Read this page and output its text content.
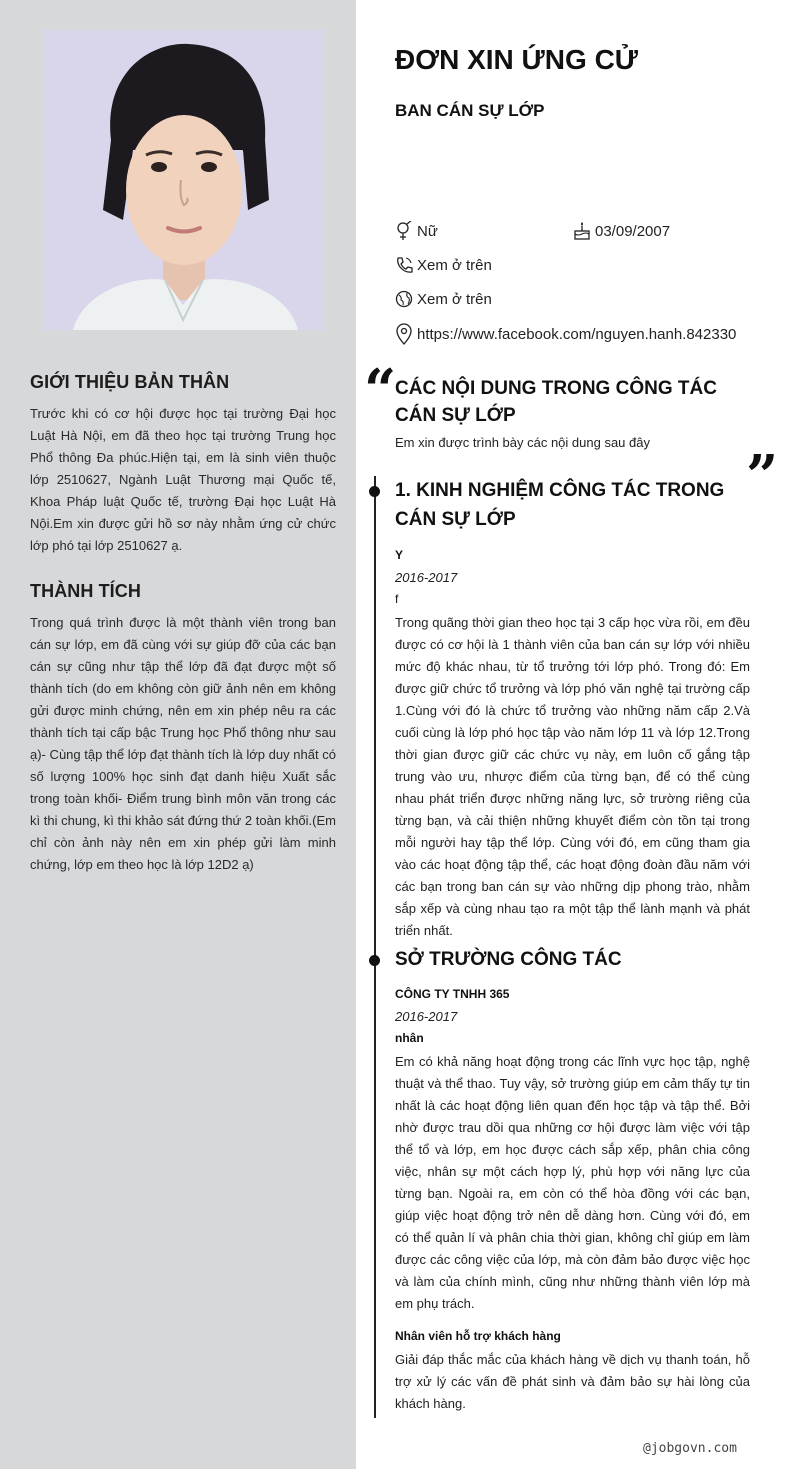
GIỚI THIỆU BẢN THÂN

Trước khi có cơ hội được học tại trường Đại học Luật Hà Nội, em đã theo học tại trường Trung học Phổ thông Đa phúc.Hiện tại, em là sinh viên thuộc lớp 2510627, Ngành Luật Thương mại Quốc tế, Khoa Pháp luật Quốc tế, trường Đại học Luật Hà Nội.Em xin được gửi hồ sơ này nhằm ứng cử chức lớp phó tại lớp 2510627 ạ.

THÀNH TÍCH

Trong quá trình được là một thành viên trong ban cán sự lớp, em đã cùng với sự giúp đỡ của các bạn cán sự cũng như tập thể lớp đã đạt được một số thành tích (do em không còn giữ ảnh nên em không gửi được minh chứng, nên em xin phép nêu ra các thành tích tại cấp bậc Trung học Phổ thông như sau ạ)- Cùng tập thể lớp đạt thành tích là lớp duy nhất có số lượng 100% học sinh đạt danh hiệu Xuất sắc trong toàn khối- Điểm trung bình môn văn trong các kì thi chung, kì thi khảo sát đứng thứ 2 toàn khối.(Em chỉ còn ảnh này nên em xin phép gửi làm minh chứng, lớp em theo học là lớp 12D2 ạ)

ĐƠN XIN ỨNG CỬ
BAN CÁN SỰ LỚP
Nữ	03/09/2007
Xem ở trên
Xem ở trên
https://www.facebook.com/nguyen.hanh.842330
“
CÁC NỘI DUNG TRONG CÔNG TÁC CÁN SỰ LỚP
Em xin được trình bày các nội dung sau đây
”
1. KINH NGHIỆM CÔNG TÁC TRONG CÁN SỰ LỚP

Y

2016-2017

f

Trong quãng thời gian theo học tại 3 cấp học vừa rồi, em đều được có cơ hội là 1 thành viên của ban cán sự lớp với nhiều mức độ khác nhau, từ tổ trưởng tới lớp phó. Trong đó: Em được giữ chức tổ trưởng và lớp phó văn nghệ tại trường cấp 1.Cùng với đó là chức tổ trưởng vào những năm cấp 2.Và cuối cùng là lớp phó học tập vào năm lớp 11 và lớp 12.Trong thời gian được giữ các chức vụ này, em luôn cố gắng tập trung vào ưu, nhược điểm của từng bạn, để có thể cùng nhau phát triển được những năng lực, sở trường riêng của từng bạn, và cải thiện những khuyết điểm còn tồn tại trong mỗi người hay tập thể lớp. Cùng với đó, em cũng tham gia vào các hoạt động tập thể, các hoạt động đoàn đầu năm với các bạn trong ban cán sự vào những dịp phong trào, nhằm sắp xếp và cùng nhau tạo ra một tập thể lành mạnh và phát triển nhất.

SỞ TRƯỜNG CÔNG TÁC

CÔNG TY TNHH 365

2016-2017

nhân

Em có khả năng hoạt động trong các lĩnh vực học tập, nghệ thuật và thể thao. Tuy vậy, sở trường giúp em cảm thấy tự tin nhất là các hoạt động liên quan đến học tập và tập thể. Bởi nhờ được trau dồi qua những cơ hội được làm việc với tập thể tổ và lớp, em học được cách sắp xếp, phân chia công việc, nhân sự một cách hợp lý, phù hợp với năng lực của từng bạn. Ngoài ra, em còn có thể hòa đồng với các bạn, giúp việc hoạt động trở nên dễ dàng hơn. Cùng với đó, em có thể quản lí và phân chia thời gian, không chỉ giúp em làm được các công việc của lớp, mà còn đảm bảo được việc học và làm của chính mình, cũng như những thành viên lớp mà em phụ trách.

Nhân viên hỗ trợ khách hàng

Giải đáp thắc mắc của khách hàng về dịch vụ thanh toán, hỗ trợ xử lý các vấn đề phát sinh và đảm bảo sự hài lòng của khách hàng.

@jobgovn.com
